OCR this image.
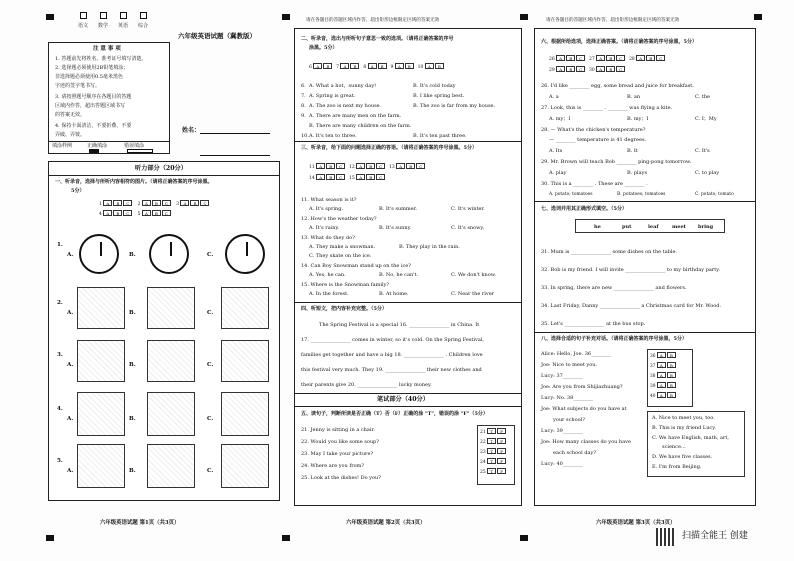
语文 数学 英语 综合
六年级英语试题（冀教版）
注 意 事 项
1. 答题前先将姓名、准考证号填写清楚。
2. 选择题必须使用2B铅笔填涂；
非选择题必须使用0.5毫米黑色
字迹的签字笔书写。
3. 请按照题号顺序在各题目的答题
区域内作答，超出答题区域书写
的答案无效。
4. 保持卡面清洁，不要折叠、不要
弄破、弄皱。
填涂样例	正确填涂	错误填涂
姓名：
听力部分（20分）
一、听录音，选择与所听内容相符的图片。（请将正确答案的序号涂黑。
5分）
1 A B C   2 A B C   3 A B C
4 A B C   5 A B C
1.
A.	B.	C.
2.
A.	B.	C.
3.
A.	B.	C.
4.
A.	B.	C.
5.
A.	B.	C.
六年级英语试题 第1页（共3页）
请在各题目的答题区域内作答，超出矩形边框限定区域的答案无效
二、听录音，选出与所听句子意思一致的选项。（请将正确答案的序号
涂黑。5分）
6 A B  7 A B  8 A B  9 A B  10 A B
6. A. What a hot，sunny day!	B. It's cold today
7. A. Spring is great.	B. I like spring best.
8. A. The zoo is next my house.	B. The zoo is far from my house.
9. A. There are many men on the farm.
B. There are many children on the farm.
10. A. It's ten to three.	B. It's ten past three.
三、听录音，给下面的问题选择正确的答语。（请将正确答案的序号涂黑。5分）
11 A B C  12 A B C  13 A B C
14 A B C  15 A B C
11. What season is it?
A. It's spring.	B. It's summer.	C. It's winter.
12. How's the weather today?
A. It's rainy.	B. It's sunny.	C. It's snowy.
13. What do they do?
A. They make a snowman.	B. They play in the rain.
C. They skate on the ice.
14. Can Boy Snowman stand up on the ice?
A. Yes, he can.	B. No, he can't.	C. We don't know.
15. Where is the Snowman family?
A. In the forest.	B. At home.	C. Near the river
四、听短文，把内容补充完整。（5分）
The Spring Festival is a special 16. ________________ in China. It
17. ________________ comes in winter, so it's cold. On the Spring Festival,
families get together and have a big 18. ________________ . Children love
this festival very much. They 19. ________________ their new clothes and
their parents give 20. ________________ lucky money.
笔试部分（40分）
五、读句子，判断所读是否正确（T）否（F）正确的涂 "T"，错误的涂 "F"（5分）
21. Jenny is sitting in a chair.
22. Would you like some soup?
23. May I take your picture?
24. Where are you from?
25. Look at the dishes! Do you?
21 T F
22 T F
23 T F
24 T F
25 T F
六年级英语试题 第2页（共3页）
请在各题目的答题区域内作答，超出矩形边框限定区域的答案无效
六、根据所给选项，选择正确答案。（请将正确答案的序号涂黑，5分）
26 A B C  27 A B C  28 A B C
29 A B C  30 A B C
26. I'd like ________ egg, some bread and juice for breakfast.
A. a	B. an	C. the
27. Look, this is ________ . ________ was flying a kite.
A. my；I	B. my；I	C. I；My
28. — What's the chicken's temperature?
— ________ temperature is 41 degrees.
A. Its	B. It	C. It's
29. Mr. Brown will teach Bob ________ ping-pong tomorrow.
A. play	B. plays	C. to play
30. This is a ________ . These are ________ .
A. potato; tomatoes	B. potatoes; tomatoes	C. potato; tomato
七、选词并用其正确形式填空。（5分）
he	put	leaf	meet bring
31. Mum is ________________ some dishes on the table.
32. Bob is my friend. I will invite ________________ to my birthday party.
33. In spring, there are new ________________ and flowers.
34. Last Friday, Danny ________________ a Christmas card for Mr. Wood.
35. Let's ________________ at the bus stop.
八、选择合适的句子补充对话。（请将正确答案的序号涂黑，5分）
Alice: Hello, Joe. 36________
Joe: Nice to meet you.
Lucy: 37________
Joe: Are you from Shijiazhuang?
Lucy: No. 38________
Joe: What subjects do you have at
your school?
Lucy: 39________
Joe: How many classes do you have
each school day?
Lucy: 40________
36 A B
37 A B
38 A B
39 A B
40 A B
A. Nice to meet you, too.
B. This is my friend Lucy.
C. We have English, math, art,
science...
D. We have five classes.
E. I'm from Beijing.
六年级英语试题 第3页（共3页）
扫描全能王 创建
